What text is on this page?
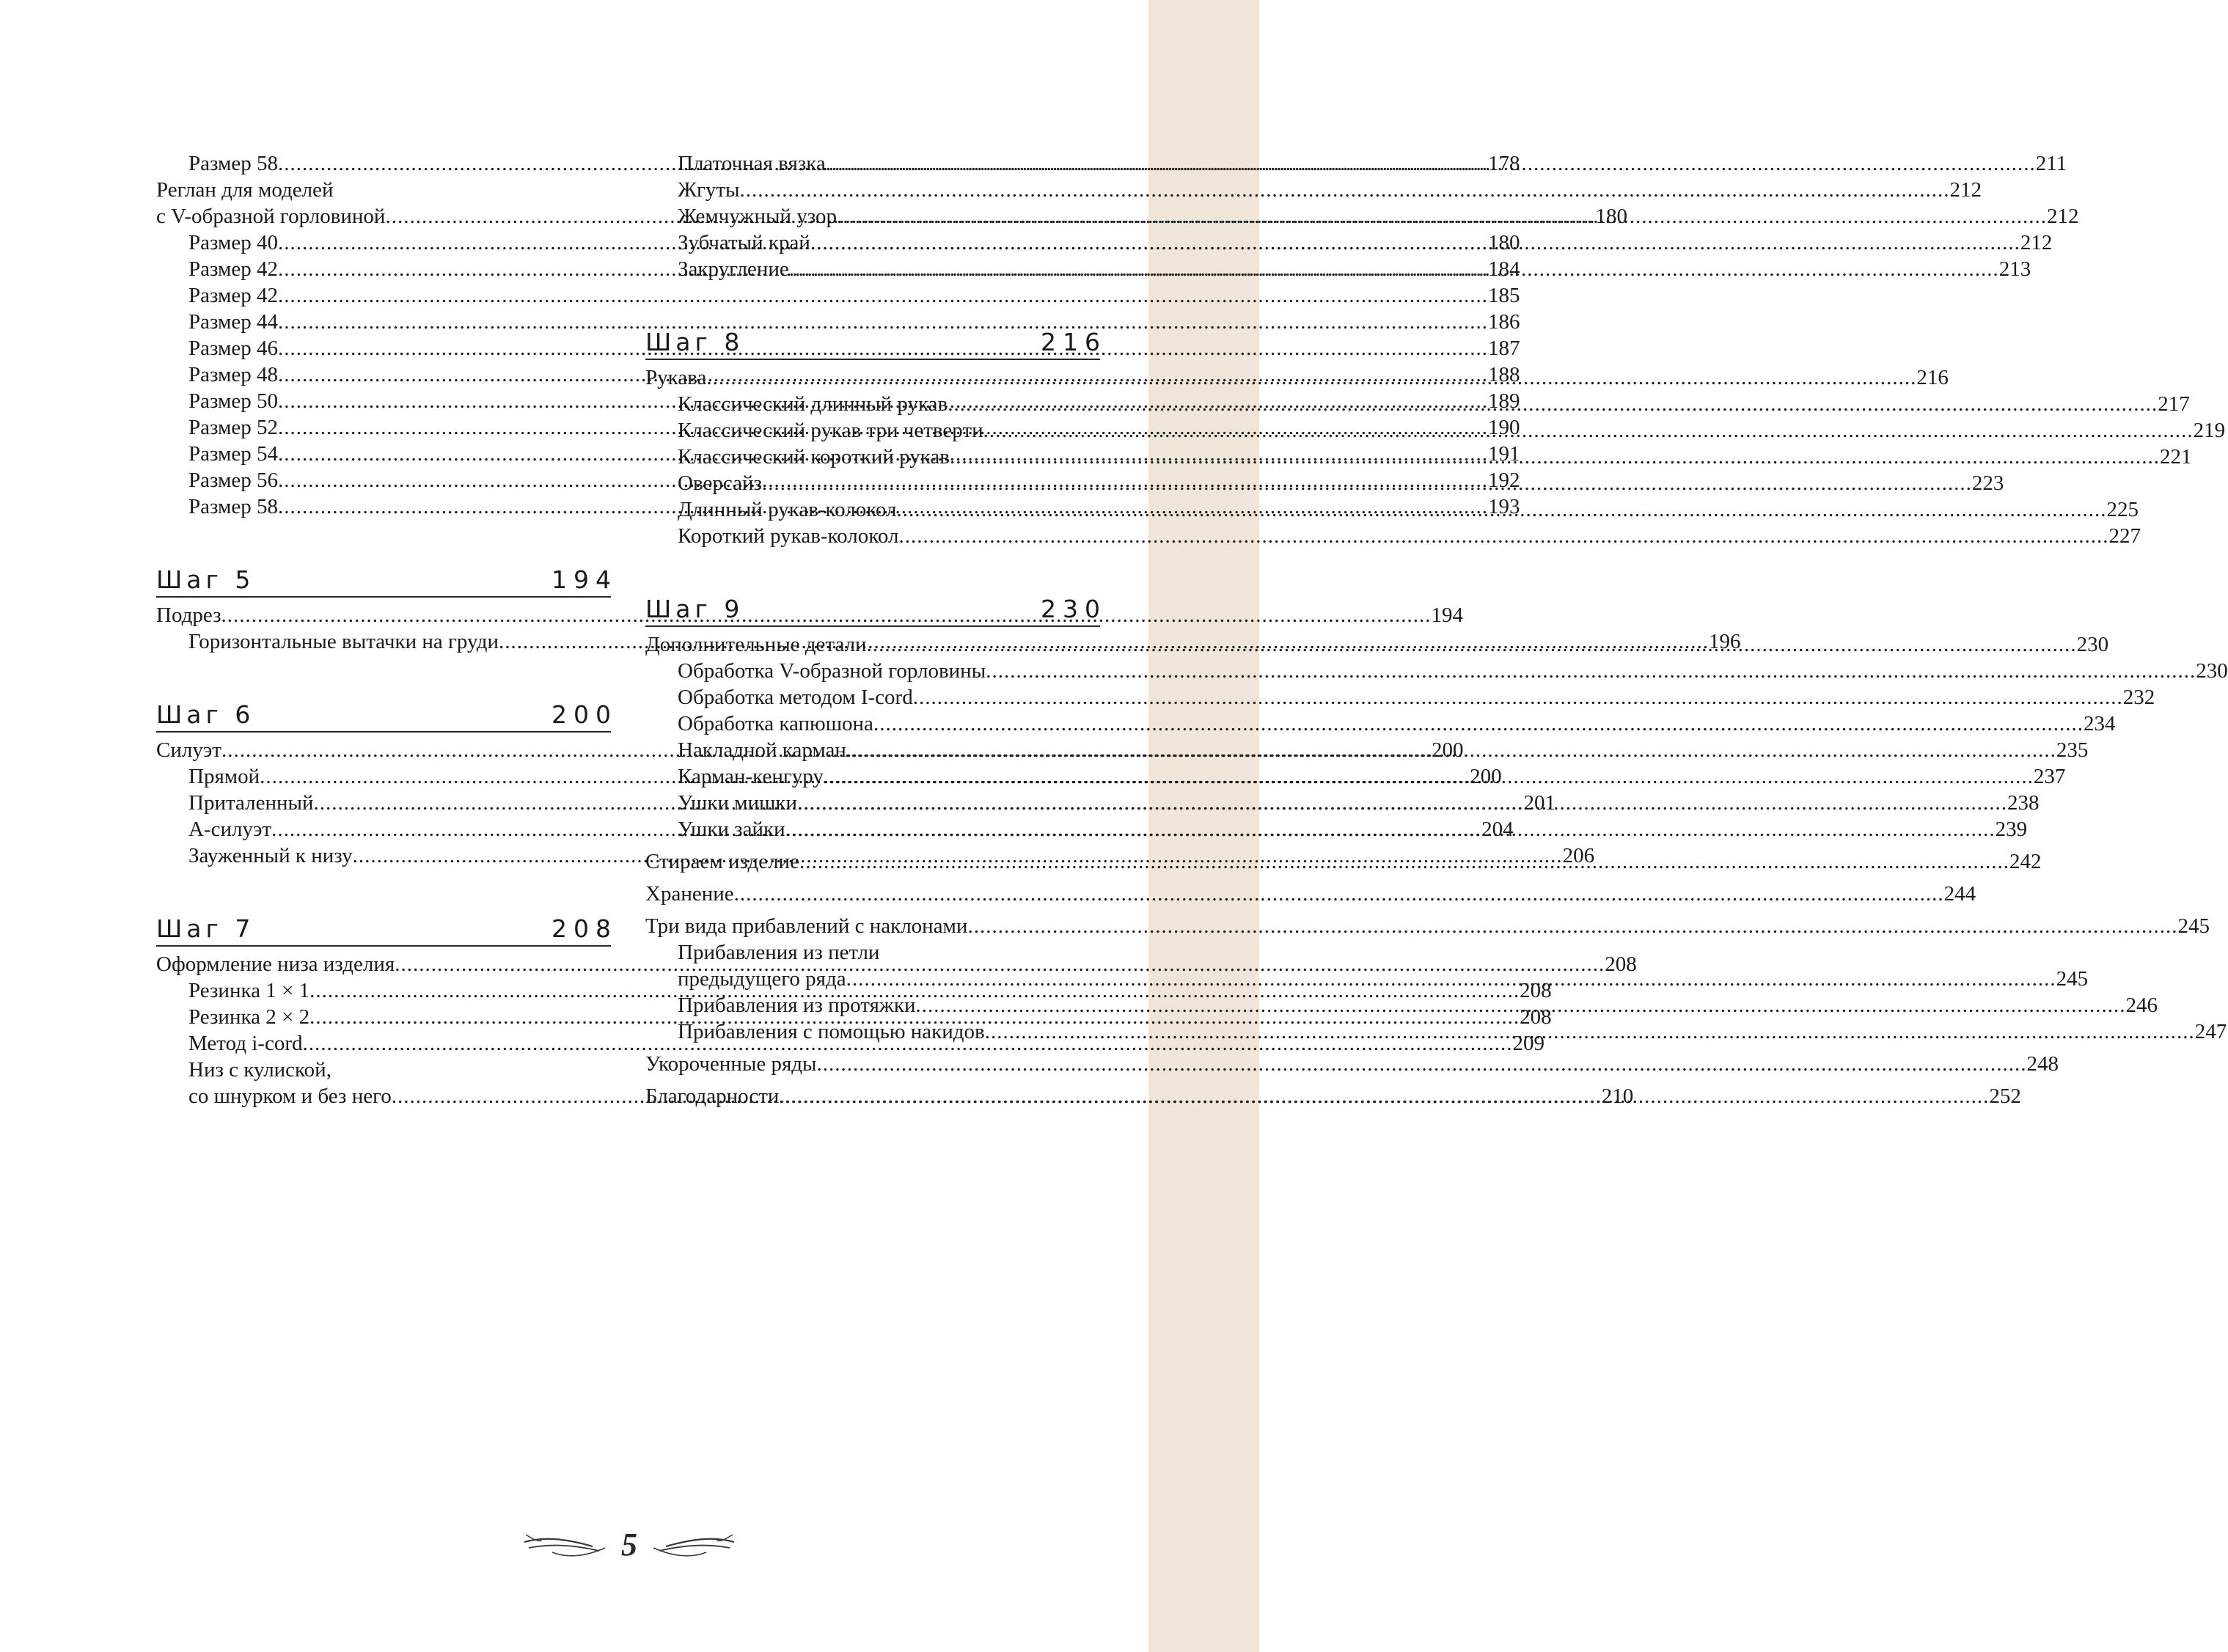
Размер 58 .....	178
Реглан для моделей
с V-образной горловиной .....	180
Размер 40 .....	180
Размер 42 .....	184
Размер 42 .....	185
Размер 44 .....	186
Размер 46 .....	187
Размер 48 .....	188
Размер 50 .....	189
Размер 52 .....	190
Размер 54 .....	191
Размер 56 .....	192
Размер 58 .....	193
Шаг 5	194
Подрез .....	194
Горизонтальные вытачки на груди .....	196
Шаг 6	200
Силуэт .....	200
Прямой .....	200
Приталенный .....	201
А-силуэт .....	204
Зауженный к низу .....	206
Шаг 7	208
Оформление низа изделия .....	208
Резинка 1 × 1 .....	208
Резинка 2 × 2 .....	208
Метод i-cord .....	209
Низ с кулиской,
со шнурком и без него .....	210
Платочная вязка .....	211
Жгуты .....	212
Жемчужный узор .....	212
Зубчатый край .....	212
Закругление .....	213
Шаг 8	216
Рукава .....	216
Классический длинный рукав .....	217
Классический рукав три четверти .....	219
Классический короткий рукав .....	221
Оверсайз .....	223
Длинный рукав-колокол .....	225
Короткий рукав-колокол .....	227
Шаг 9	230
Дополнительные детали .....	230
Обработка V-образной горловины .....	230
Обработка методом I-cord .....	232
Обработка капюшона .....	234
Накладной карман .....	235
Карман-кенгуру .....	237
Ушки мишки .....	238
Ушки зайки .....	239
Стираем изделие .....	242
Хранение .....	244
Три вида прибавлений с наклонами .....	245
Прибавления из петли
предыдущего ряда .....	245
Прибавления из протяжки .....	246
Прибавления с помощью накидов .....	247
Укороченные ряды .....	248
Благодарности .....	252
5
